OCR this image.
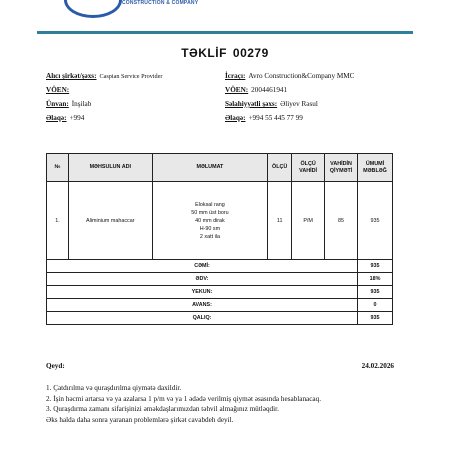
CONSTRUCTION & COMPANY
TƏKLİF 00279
Alıcı şirkət/şəxs: Caspian Service Provider
VÖEN:
Ünvan: İnşilab
Əlaqə: +994
İcraçı: Avro Construction&Company MMC
VÖEN: 2004461941
Səlahiyyətli şəxs: Əliyev Rəsul
Əlaqə: +994 55 445 77 99
№	MƏHSULUN ADI	MƏLUMAT	ÖLÇÜ	ÖLÇÜ VAHİDİ	VAHİDİN QİYMƏTİ	ÜMUMİ MƏBLƏĞ
1.	Aliminium mahaccar	Eloksal rang
50 mm üst boru
40 mm dirak
H-90 sm
2 xatt ila	11	P/M	85	935
CƏMİ:						935
ƏDV:						18%
YEKUN:						935
AVANS:						0
QALIQ:						935
Qeyd:	24.02.2026
1. Çatdırılma və quraşdırılma qiymətə daxildir.
2. İşin həcmi artarsa və ya azalarsa 1 p/m və ya 1 ədədə verilmiş qiymət əsasında hesablanacaq.
3. Quraşdırma zamanı sifarişinizi əməkdaşlarımızdan təhvil almağınız mütləqdir.
Əks halda daha sonra yaranan problemlərə şirkət cavabdeh deyil.
